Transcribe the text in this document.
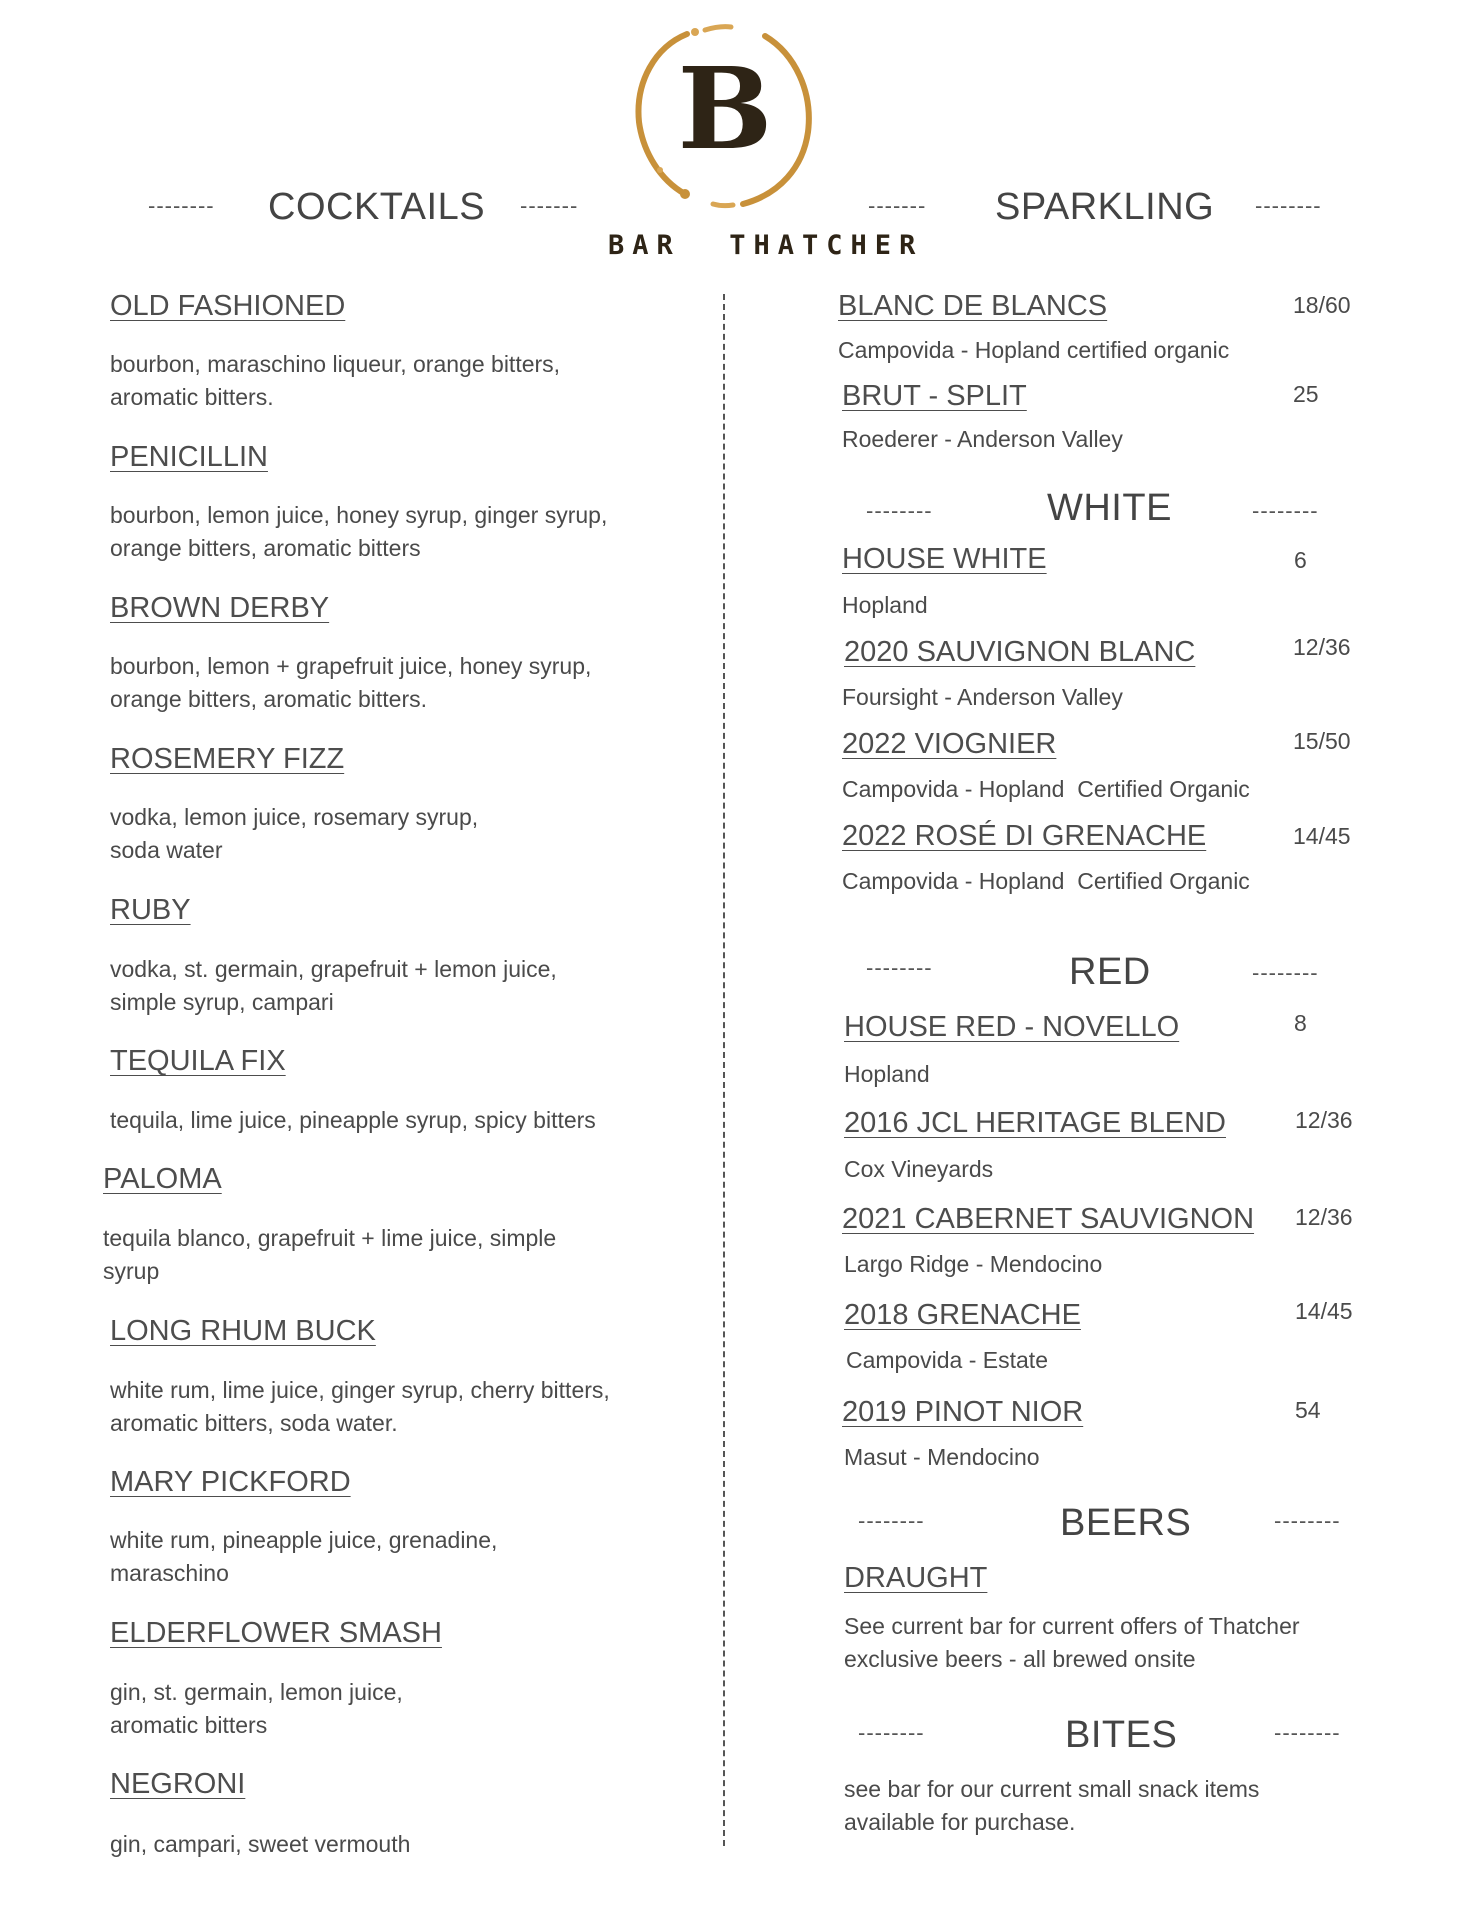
B
BAR  THATCHER
-------- COCKTAILS -------	------- SPARKLING --------
OLD FASHIONED
bourbon, maraschino liqueur, orange bitters, aromatic bitters.
PENICILLIN
bourbon, lemon juice, honey syrup, ginger syrup, orange bitters, aromatic bitters
BROWN DERBY
bourbon, lemon + grapefruit juice, honey syrup, orange bitters, aromatic bitters.
ROSEMERY FIZZ
vodka, lemon juice, rosemary syrup, soda water
RUBY
vodka, st. germain, grapefruit + lemon juice, simple syrup, campari
TEQUILA FIX
tequila, lime juice, pineapple syrup, spicy bitters
PALOMA
tequila blanco, grapefruit + lime juice, simple syrup
LONG RHUM BUCK
white rum, lime juice, ginger syrup, cherry bitters, aromatic bitters, soda water.
MARY PICKFORD
white rum, pineapple juice, grenadine, maraschino
ELDERFLOWER SMASH
gin, st. germain, lemon juice, aromatic bitters
NEGRONI
gin, campari, sweet vermouth
BLANC DE BLANCS	18/60
Campovida - Hopland certified organic
BRUT - SPLIT	25
Roederer - Anderson Valley
--------	WHITE	--------
HOUSE WHITE	6
Hopland
2020 SAUVIGNON BLANC	12/36
Foursight - Anderson Valley
2022 VIOGNIER	15/50
Campovida - Hopland  Certified Organic
2022 ROSÉ DI GRENACHE	14/45
Campovida - Hopland  Certified Organic
--------	RED	--------
HOUSE RED - NOVELLO	8
Hopland
2016 JCL HERITAGE BLEND	12/36
Cox Vineyards
2021 CABERNET SAUVIGNON 12/36
Largo Ridge - Mendocino
2018 GRENACHE	14/45
Campovida - Estate
2019 PINOT NIOR	54
Masut - Mendocino
--------	BEERS	--------
DRAUGHT
See current bar for current offers of Thatcher exclusive beers - all brewed onsite
--------	BITES	--------
see bar for our current small snack items available for purchase.
